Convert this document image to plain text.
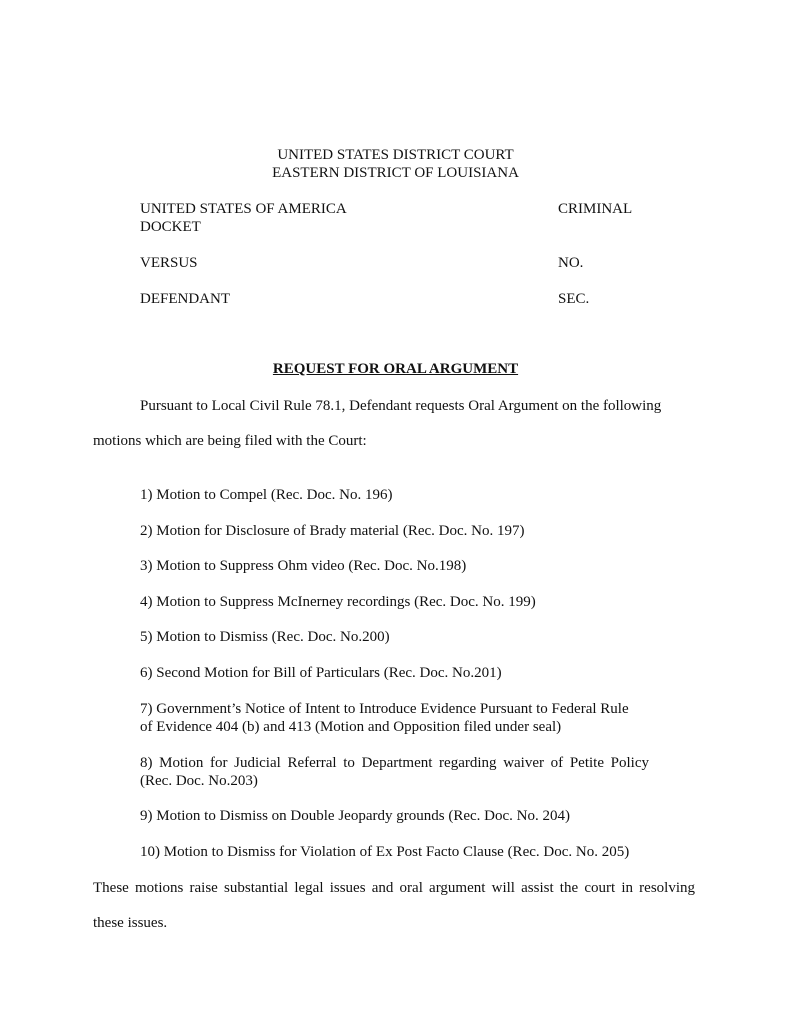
UNITED STATES DISTRICT COURT
EASTERN DISTRICT OF LOUISIANA
UNITED STATES OF AMERICA	CRIMINAL
DOCKET
VERSUS	NO.
DEFENDANT	SEC.
REQUEST FOR ORAL ARGUMENT
Pursuant to Local Civil Rule 78.1, Defendant requests Oral Argument on the following
motions which are being filed with the Court:
1) Motion to Compel (Rec. Doc. No. 196)
2) Motion for Disclosure of Brady material (Rec. Doc. No. 197)
3) Motion to Suppress Ohm video (Rec. Doc. No.198)
4) Motion to Suppress McInerney recordings (Rec. Doc. No. 199)
5) Motion to Dismiss (Rec. Doc. No.200)
6) Second Motion for Bill of Particulars (Rec. Doc. No.201)
7) Government’s Notice of Intent to Introduce Evidence Pursuant to Federal Rule
of Evidence 404 (b) and 413 (Motion and Opposition filed under seal)
8) Motion for Judicial Referral to Department regarding waiver of Petite Policy
(Rec. Doc. No.203)
9) Motion to Dismiss on Double Jeopardy grounds (Rec. Doc. No. 204)
10) Motion to Dismiss for Violation of Ex Post Facto Clause (Rec. Doc. No. 205)
These motions raise substantial legal issues and oral argument will assist the court in resolving
these issues.
